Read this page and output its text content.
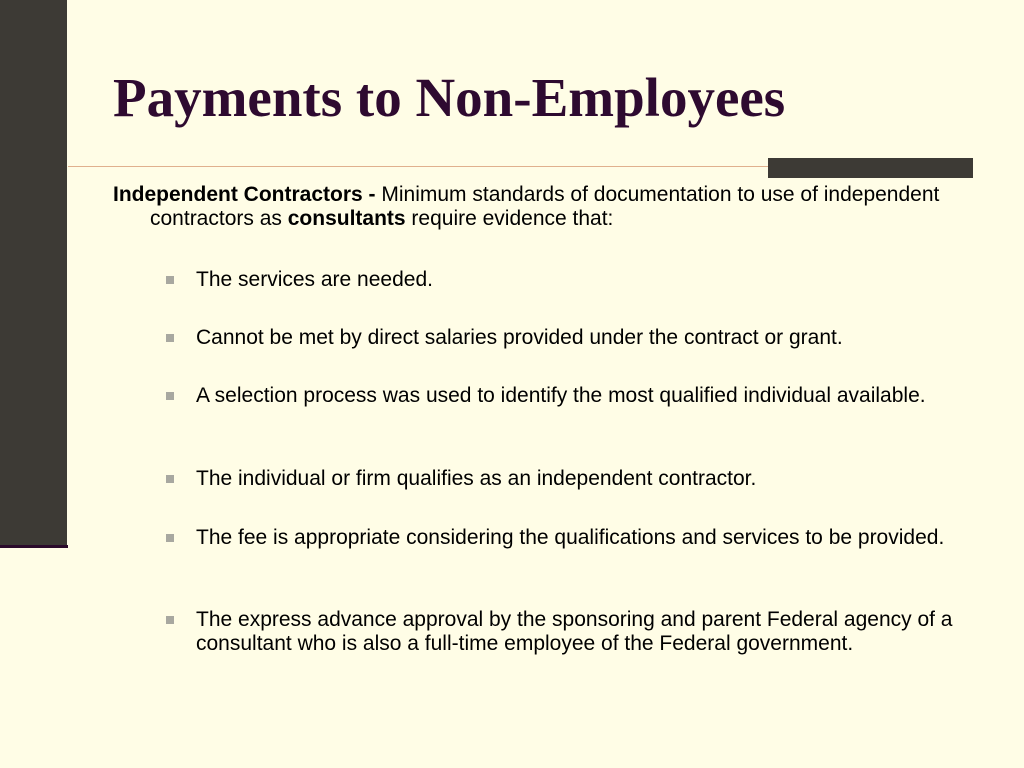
Payments to Non-Employees

Independent Contractors - Minimum standards of documentation to use of independent contractors as consultants require evidence that:

The services are needed.
Cannot be met by direct salaries provided under the contract or grant.
A selection process was used to identify the most qualified individual available.
The individual or firm qualifies as an independent contractor.
The fee is appropriate considering the qualifications and services to be provided.
The express advance approval by the sponsoring and parent Federal agency of a consultant who is also a full-time employee of the Federal government.
